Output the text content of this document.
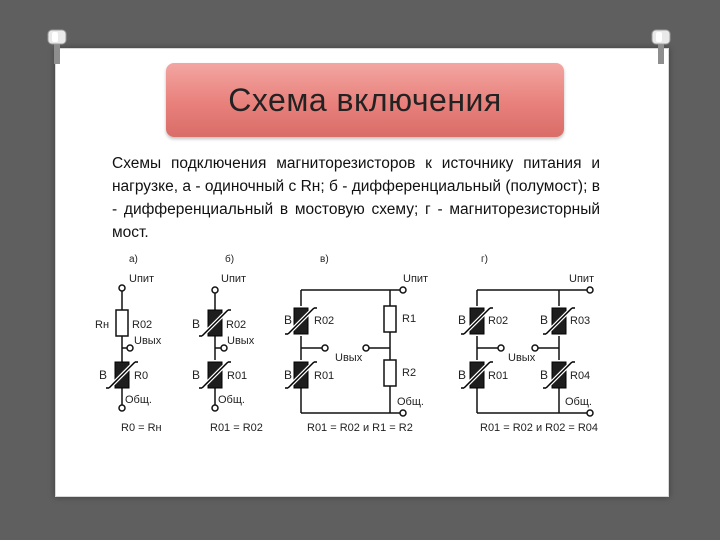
Схема включения
Схемы подключения магниторезисторов к источнику питания и нагрузке, а - одиночный с Rн; б - дифференциальный (полумост); в - дифференциальный в мостовую схему; г - магниторезисторный мост.
а)
Uпит
Rн R02
Uвых
B R0
Общ.
R0 = Rн
б)
Uпит
B R02
Uвых
B R01
Общ.
R01 = R02
в)
Uпит
B R02	R1
Uвых
B R01	R2
Общ.
R01 = R02 и R1 = R2
г)
Uпит
B R02	B R03
Uвых
B R01	B R04
Общ.
R01 = R02 и R02 = R04
